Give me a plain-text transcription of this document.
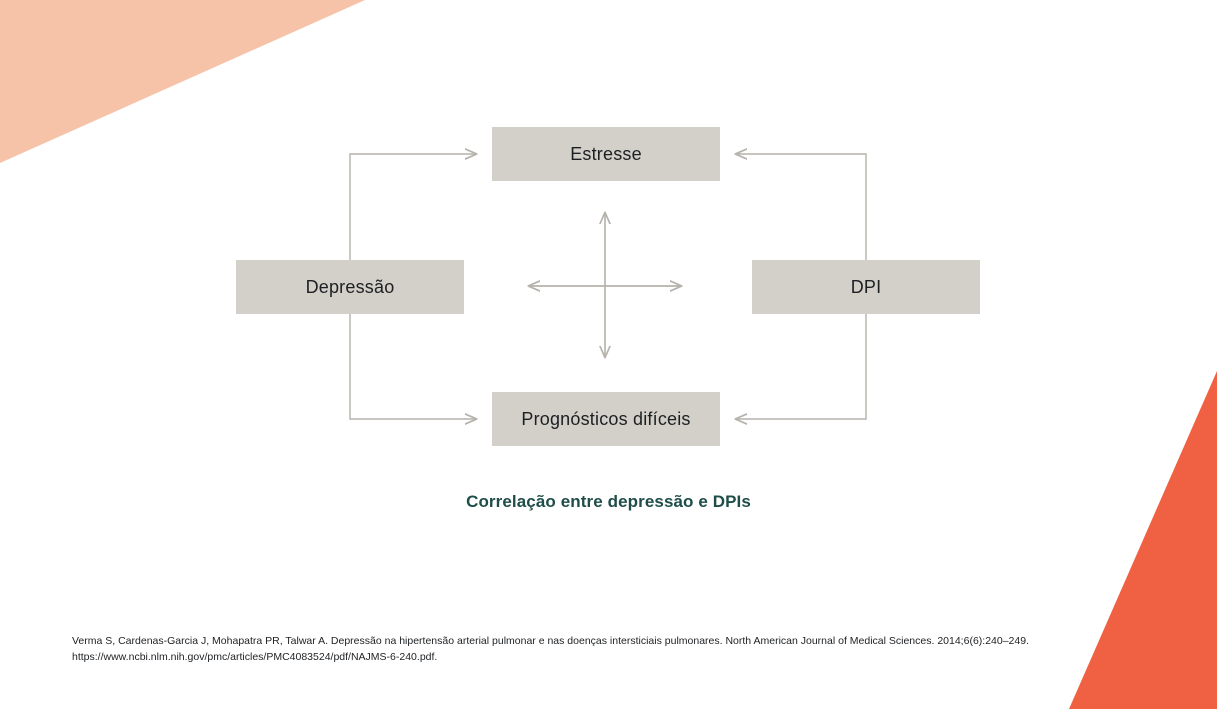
Estresse
Depressão	DPI
Prognósticos difíceis
Correlação entre depressão e DPIs
Verma S, Cardenas-Garcia J, Mohapatra PR, Talwar A. Depressão na hipertensão arterial pulmonar e nas doenças intersticiais pulmonares. North American Journal of Medical Sciences. 2014;6(6):240–249. https://www.ncbi.nlm.nih.gov/pmc/articles/PMC4083524/pdf/NAJMS-6-240.pdf.
